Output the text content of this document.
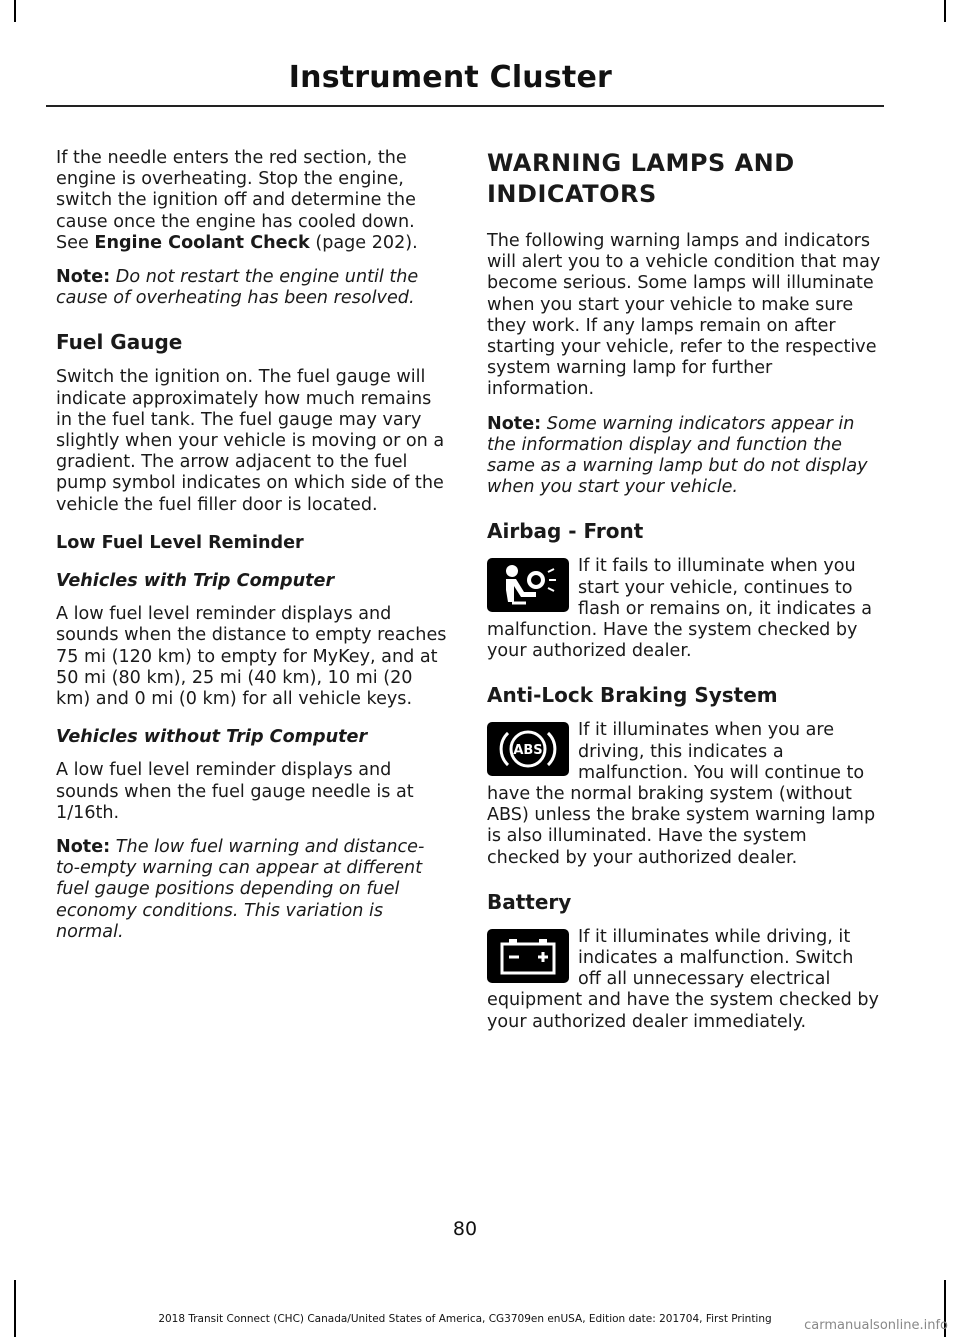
Instrument Cluster

If the needle enters the red section, the engine is overheating. Stop the engine, switch the ignition off and determine the cause once the engine has cooled down. See Engine Coolant Check (page 202).

Note: Do not restart the engine until the cause of overheating has been resolved.

Fuel Gauge

Switch the ignition on. The fuel gauge will indicate approximately how much remains in the fuel tank. The fuel gauge may vary slightly when your vehicle is moving or on a gradient. The arrow adjacent to the fuel pump symbol indicates on which side of the vehicle the fuel filler door is located.

Low Fuel Level Reminder
Vehicles with Trip Computer

A low fuel level reminder displays and sounds when the distance to empty reaches 75 mi (120 km) to empty for MyKey, and at 50 mi (80 km), 25 mi (40 km), 10 mi (20 km) and 0 mi (0 km) for all vehicle keys.

Vehicles without Trip Computer

A low fuel level reminder displays and sounds when the fuel gauge needle is at 1/16th.

Note: The low fuel warning and distance-to-empty warning can appear at different fuel gauge positions depending on fuel economy conditions. This variation is normal.

WARNING LAMPS AND INDICATORS

The following warning lamps and indicators will alert you to a vehicle condition that may become serious. Some lamps will illuminate when you start your vehicle to make sure they work. If any lamps remain on after starting your vehicle, refer to the respective system warning lamp for further information.

Note: Some warning indicators appear in the information display and function the same as a warning lamp but do not display when you start your vehicle.

Airbag - Front

If it fails to illuminate when you start your vehicle, continues to flash or remains on, it indicates a malfunction. Have the system checked by your authorized dealer.

Anti-Lock Braking System
ABS

If it illuminates when you are driving, this indicates a malfunction. You will continue to have the normal braking system (without ABS) unless the brake system warning lamp is also illuminated. Have the system checked by your authorized dealer.

Battery

If it illuminates while driving, it indicates a malfunction. Switch off all unnecessary electrical equipment and have the system checked by your authorized dealer immediately.

80
2018 Transit Connect (CHC) Canada/United States of America, CG3709en enUSA, Edition date: 201704, First Printing	carmanualsonline.info
